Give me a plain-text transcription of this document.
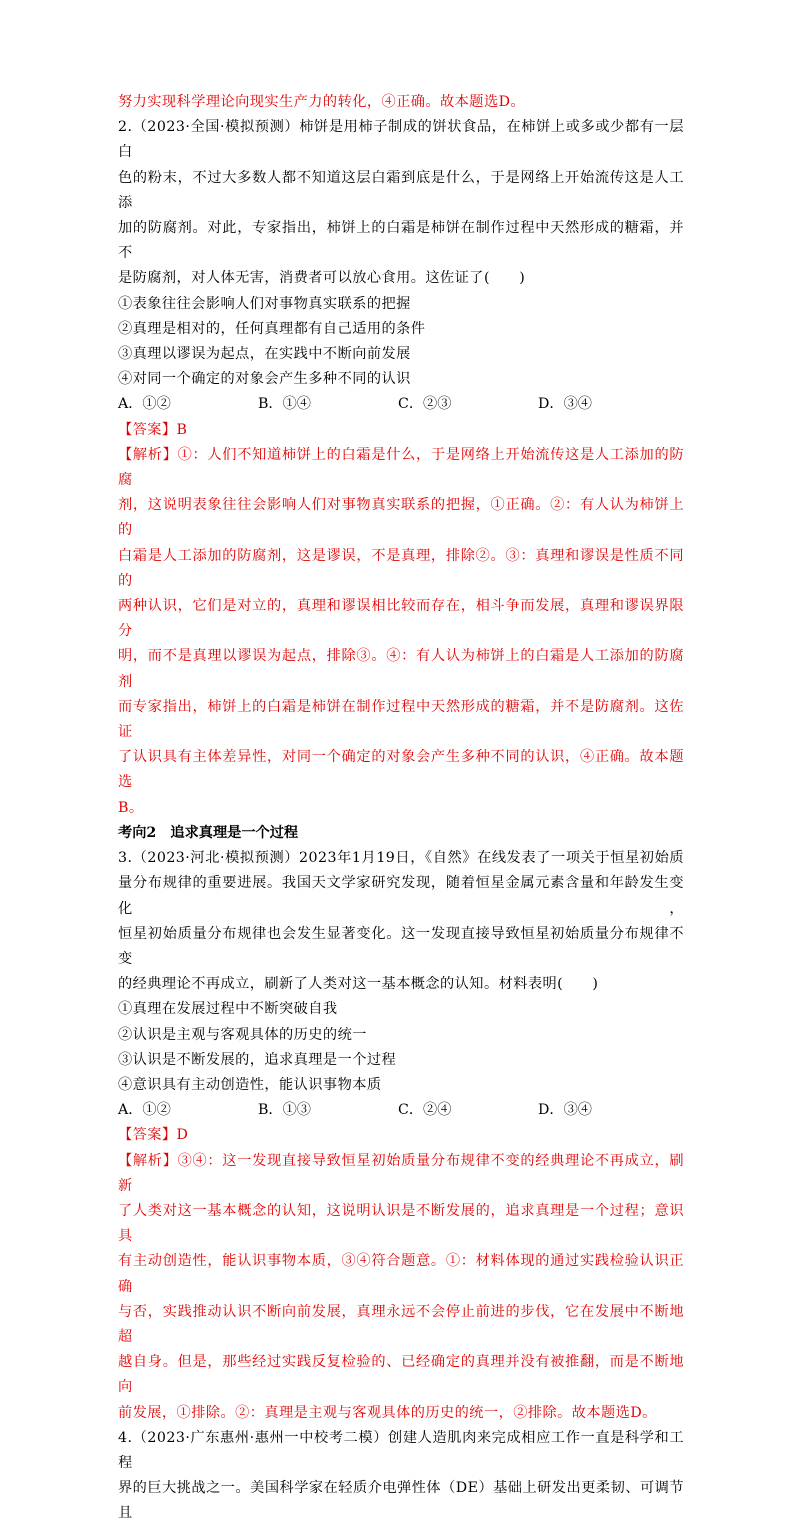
努力实现科学理论向现实生产力的转化，④正确。故本题选D。
2.（2023·全国·模拟预测）柿饼是用柿子制成的饼状食品，在柿饼上或多或少都有一层白
色的粉末，不过大多数人都不知道这层白霜到底是什么，于是网络上开始流传这是人工添
加的防腐剂。对此，专家指出，柿饼上的白霜是柿饼在制作过程中天然形成的糖霜，并不
是防腐剂，对人体无害，消费者可以放心食用。这佐证了(　　)
①表象往往会影响人们对事物真实联系的把握
②真理是相对的，任何真理都有自己适用的条件
③真理以谬误为起点，在实践中不断向前发展
④对同一个确定的对象会产生多种不同的认识
A．①②	B．①④	C．②③	D．③④
【答案】B
【解析】①：人们不知道柿饼上的白霜是什么，于是网络上开始流传这是人工添加的防腐
剂，这说明表象往往会影响人们对事物真实联系的把握，①正确。②：有人认为柿饼上的
白霜是人工添加的防腐剂，这是谬误，不是真理，排除②。③：真理和谬误是性质不同的
两种认识，它们是对立的，真理和谬误相比较而存在，相斗争而发展，真理和谬误界限分
明，而不是真理以谬误为起点，排除③。④：有人认为柿饼上的白霜是人工添加的防腐剂
而专家指出，柿饼上的白霜是柿饼在制作过程中天然形成的糖霜，并不是防腐剂。这佐证
了认识具有主体差异性，对同一个确定的对象会产生多种不同的认识，④正确。故本题选
B。
考向2　追求真理是一个过程
3.（2023·河北·模拟预测）2023年1月19日，《自然》在线发表了一项关于恒星初始质
量分布规律的重要进展。我国天文学家研究发现，随着恒星金属元素含量和年龄发生变化，
恒星初始质量分布规律也会发生显著变化。这一发现直接导致恒星初始质量分布规律不变
的经典理论不再成立，刷新了人类对这一基本概念的认知。材料表明(　　)
①真理在发展过程中不断突破自我
②认识是主观与客观具体的历史的统一
③认识是不断发展的，追求真理是一个过程
④意识具有主动创造性，能认识事物本质
A．①②	B．①③	C．②④	D．③④
【答案】D
【解析】③④：这一发现直接导致恒星初始质量分布规律不变的经典理论不再成立，刷新
了人类对这一基本概念的认知，这说明认识是不断发展的，追求真理是一个过程；意识具
有主动创造性，能认识事物本质，③④符合题意。①：材料体现的通过实践检验认识正确
与否，实践推动认识不断向前发展，真理永远不会停止前进的步伐，它在发展中不断地超
越自身。但是，那些经过实践反复检验的、已经确定的真理并没有被推翻，而是不断地向
前发展，①排除。②：真理是主观与客观具体的历史的统一，②排除。故本题选D。
4.（2023·广东惠州·惠州一中校考二模）创建人造肌肉来完成相应工作一直是科学和工程
界的巨大挑战之一。美国科学家在轻质介电弹性体（DE）基础上研发出更柔韧、可调节且
